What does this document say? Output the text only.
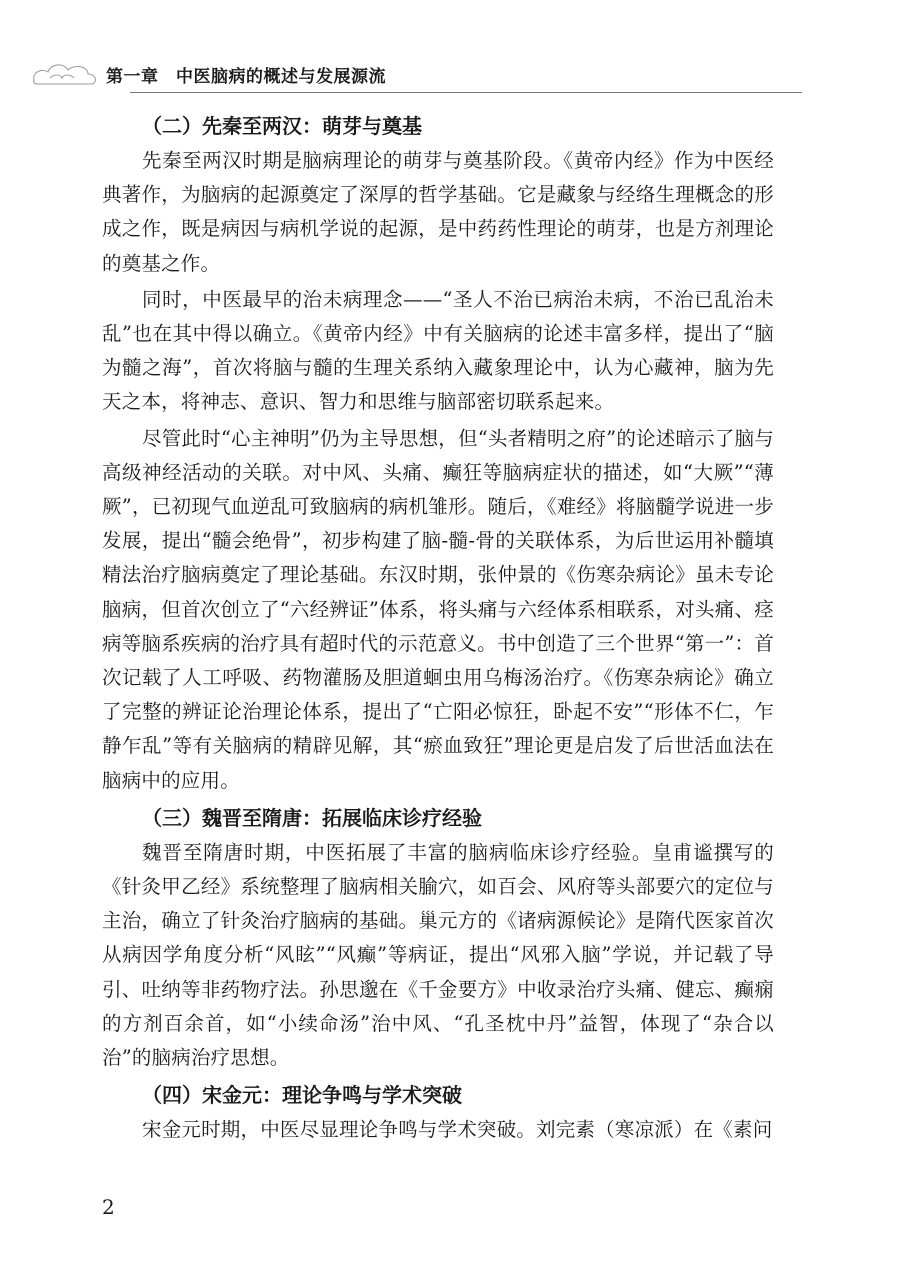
第一章　中医脑病的概述与发展源流
（二）先秦至两汉：萌芽与奠基

先秦至两汉时期是脑病理论的萌芽与奠基阶段。《黄帝内经》作为中医经典著作，为脑病的起源奠定了深厚的哲学基础。它是藏象与经络生理概念的形成之作，既是病因与病机学说的起源，是中药药性理论的萌芽，也是方剂理论的奠基之作。

同时，中医最早的治未病理念——“圣人不治已病治未病，不治已乱治未乱”也在其中得以确立。《黄帝内经》中有关脑病的论述丰富多样，提出了“脑为髓之海”，首次将脑与髓的生理关系纳入藏象理论中，认为心藏神，脑为先天之本，将神志、意识、智力和思维与脑部密切联系起来。

尽管此时“心主神明”仍为主导思想，但“头者精明之府”的论述暗示了脑与高级神经活动的关联。对中风、头痛、癫狂等脑病症状的描述，如“大厥”“薄厥”，已初现气血逆乱可致脑病的病机雏形。随后，《难经》将脑髓学说进一步发展，提出“髓会绝骨”，初步构建了脑-髓-骨的关联体系，为后世运用补髓填精法治疗脑病奠定了理论基础。东汉时期，张仲景的《伤寒杂病论》虽未专论脑病，但首次创立了“六经辨证”体系，将头痛与六经体系相联系，对头痛、痉病等脑系疾病的治疗具有超时代的示范意义。书中创造了三个世界“第一”：首次记载了人工呼吸、药物灌肠及胆道蛔虫用乌梅汤治疗。《伤寒杂病论》确立了完整的辨证论治理论体系，提出了“亡阳必惊狂，卧起不安”“形体不仁，乍静乍乱”等有关脑病的精辟见解，其“瘀血致狂”理论更是启发了后世活血法在脑病中的应用。

（三）魏晋至隋唐：拓展临床诊疗经验

魏晋至隋唐时期，中医拓展了丰富的脑病临床诊疗经验。皇甫谧撰写的《针灸甲乙经》系统整理了脑病相关腧穴，如百会、风府等头部要穴的定位与主治，确立了针灸治疗脑病的基础。巢元方的《诸病源候论》是隋代医家首次从病因学角度分析“风眩”“风癫”等病证，提出“风邪入脑”学说，并记载了导引、吐纳等非药物疗法。孙思邈在《千金要方》中收录治疗头痛、健忘、癫痫的方剂百余首，如“小续命汤”治中风、“孔圣枕中丹”益智，体现了“杂合以治”的脑病治疗思想。

（四）宋金元：理论争鸣与学术突破

宋金元时期，中医尽显理论争鸣与学术突破。刘完素（寒凉派）在《素问

2
